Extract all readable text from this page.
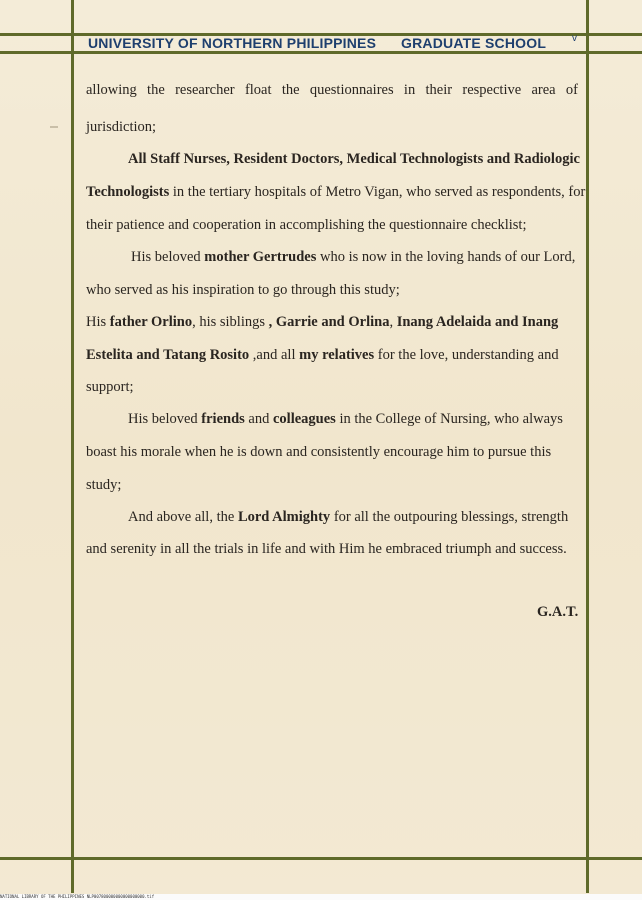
UNIVERSITY OF NORTHERN PHILIPPINES GRADUATE SCHOOL	v
allowing the researcher float the questionnaires in their respective area of
jurisdiction;
All Staff Nurses, Resident Doctors, Medical Technologists and Radiologic
Technologists in the tertiary hospitals of Metro Vigan, who served as respondents, for
their patience and cooperation in accomplishing the questionnaire checklist;
His beloved mother Gertrudes who is now in the loving hands of our Lord,
who served as his inspiration to go through this study;
His father Orlino, his siblings , Garrie and Orlina, Inang Adelaida and Inang
Estelita and Tatang Rosito ,and all my relatives for the love, understanding and
support;
His beloved friends and colleagues in the College of Nursing, who always
boast his morale when he is down and consistently encourage him to pursue this
study;
And above all, the Lord Almighty for all the outpouring blessings, strength
and serenity in all the trials in life and with Him he embraced triumph and success.
G.A.T.
NATIONAL LIBRARY OF THE PHILIPPINES NLP007800000000000000000.tif
